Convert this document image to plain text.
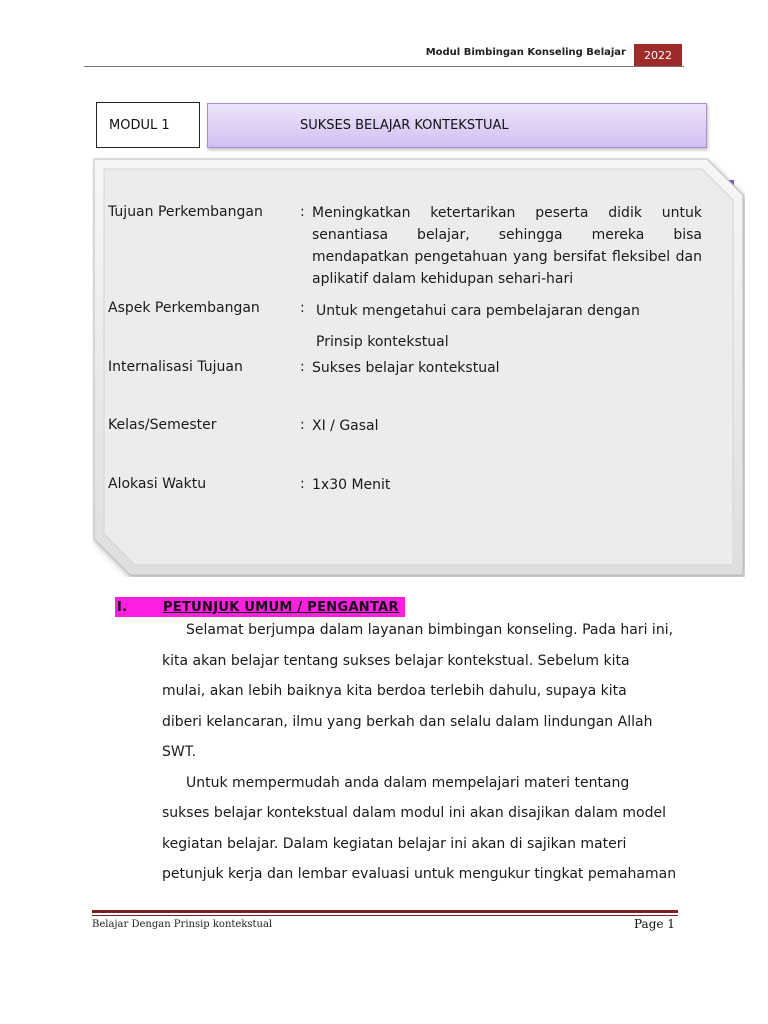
Modul Bimbingan Konseling Belajar	2022
MODUL 1	SUKSES BELAJAR KONTEKSTUAL
Tujuan Perkembangan	: Meningkatkan ketertarikan peserta didik untuk senantiasa belajar, sehingga mereka bisa mendapatkan pengetahuan yang bersifat fleksibel dan aplikatif dalam kehidupan sehari-hari
Aspek Perkembangan	: Untuk mengetahui cara pembelajaran dengan
Prinsip kontekstual
Internalisasi Tujuan	: Sukses belajar kontekstual
Kelas/Semester	: XI / Gasal
Alokasi Waktu	: 1x30 Menit
I.	PETUNJUK UMUM / PENGANTAR
Selamat berjumpa dalam layanan bimbingan konseling. Pada hari ini,
kita akan belajar tentang sukses belajar kontekstual. Sebelum kita
mulai, akan lebih baiknya kita berdoa terlebih dahulu, supaya kita
diberi kelancaran, ilmu yang berkah dan selalu dalam lindungan Allah
SWT.
Untuk mempermudah anda dalam mempelajari materi tentang
sukses belajar kontekstual dalam modul ini akan disajikan dalam model
kegiatan belajar. Dalam kegiatan belajar ini akan di sajikan materi
petunjuk kerja dan lembar evaluasi untuk mengukur tingkat pemahaman
Belajar Dengan Prinsip kontekstual	Page 1
